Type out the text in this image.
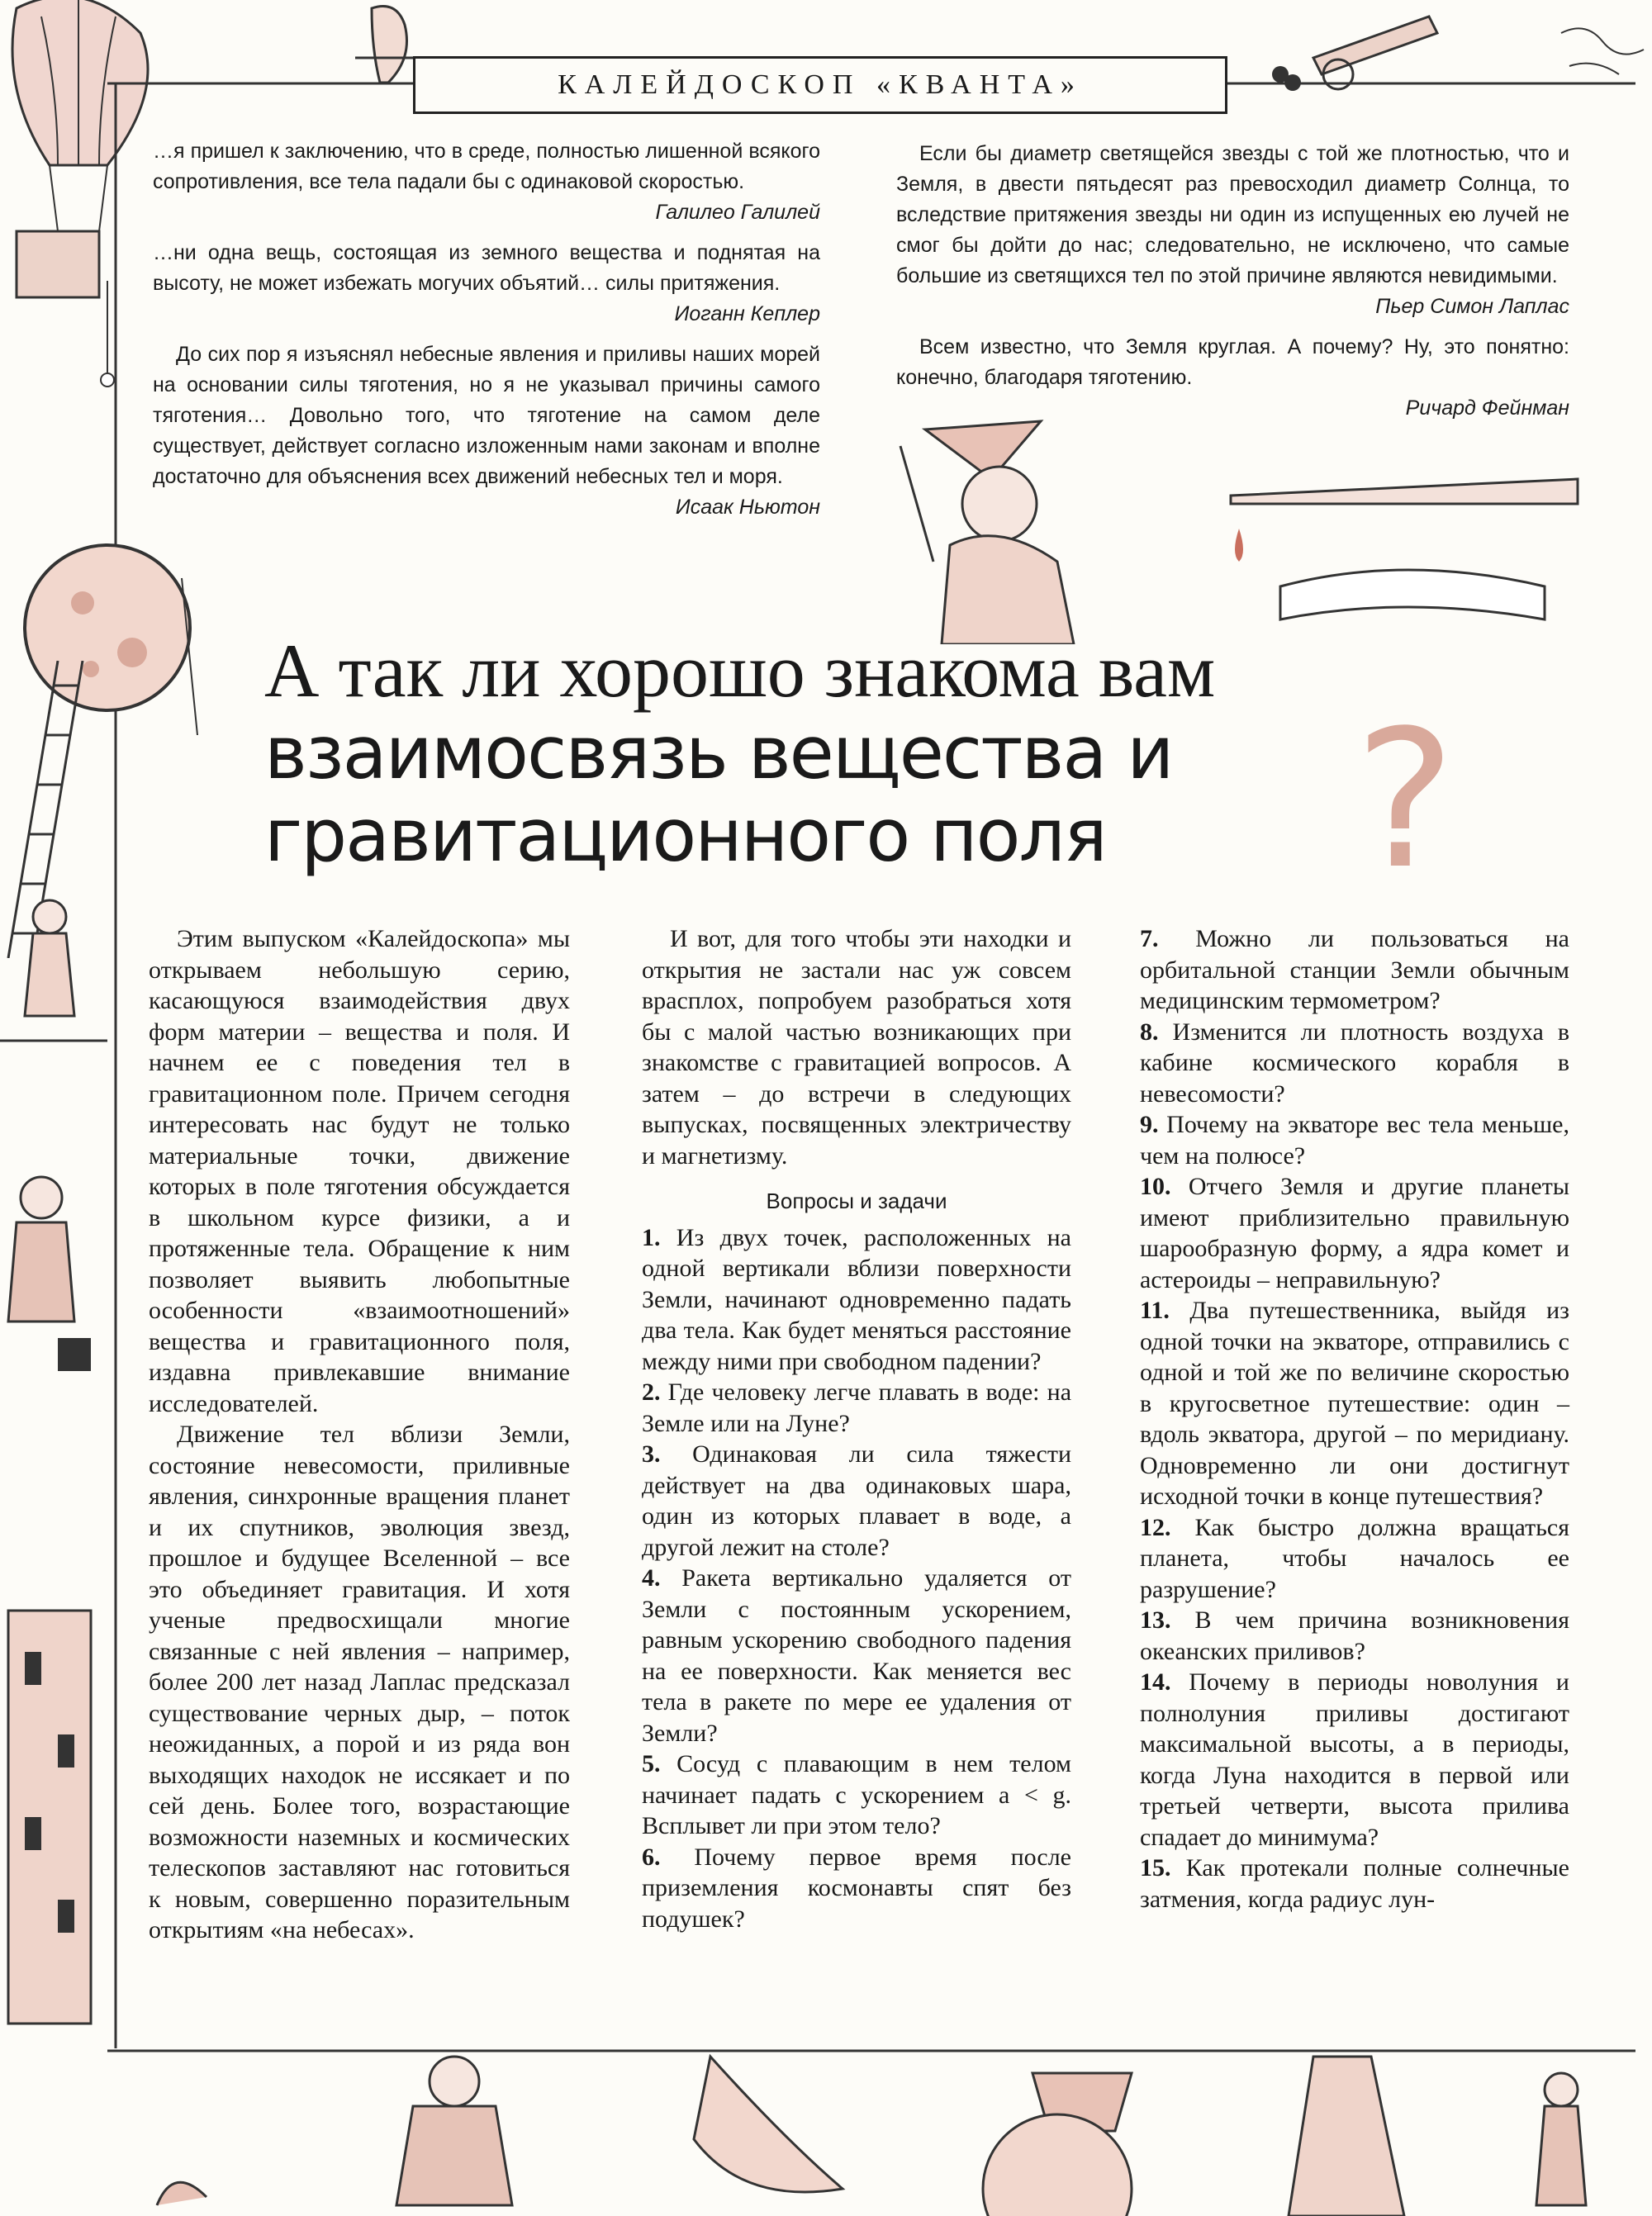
КАЛЕЙДОСКОП «КВАНТА»
…я пришел к заключению, что в среде, полностью лишенной всякого сопротивления, все тела падали бы с одинаковой скоростью.
Галилео Галилей
…ни одна вещь, состоящая из земного вещества и поднятая на высоту, не может избежать могучих объятий… силы притяжения.
Иоганн Кеплер
До сих пор я изъяснял небесные явления и приливы наших морей на основании силы тяготения, но я не указывал причины самого тяготения… Довольно того, что тяготение на самом деле существует, действует согласно изложенным нами законам и вполне достаточно для объяснения всех движений небесных тел и моря.
Исаак Ньютон
Если бы диаметр светящейся звезды с той же плотностью, что и Земля, в двести пятьдесят раз превосходил диаметр Солнца, то вследствие притяжения звезды ни один из испущенных ею лучей не смог бы дойти до нас; следовательно, не исключено, что самые большие из светящихся тел по этой причине являются невидимыми.
Пьер Симон Лаплас
Всем известно, что Земля круглая. А почему? Ну, это понятно: конечно, благодаря тяготению.
Ричард Фейнман
А так ли хорошо знакома вам
взаимосвязь вещества и
гравитационного поля	?

Этим выпуском «Калейдоскопа» мы открываем небольшую серию, касающуюся взаимодействия двух форм материи – вещества и поля. И начнем ее с поведения тел в гравитационном поле. Причем сегодня интересовать нас будут не только материальные точки, движение которых в поле тяготения обсуждается в школьном курсе физики, а и протяженные тела. Обращение к ним позволяет выявить любопытные особенности «взаимоотношений» вещества и гравитационного поля, издавна привлекавшие внимание исследователей.

Движение тел вблизи Земли, состояние невесомости, приливные явления, синхронные вращения планет и их спутников, эволюция звезд, прошлое и будущее Вселенной – все это объединяет гравитация. И хотя ученые предвосхищали многие связанные с ней явления – например, более 200 лет назад Лаплас предсказал существование черных дыр, – поток неожиданных, а порой и из ряда вон выходящих находок не иссякает и по сей день. Более того, возрастающие возможности наземных и космических телескопов заставляют нас готовиться к новым, совершенно поразительным открытиям «на небесах».

И вот, для того чтобы эти находки и открытия не застали нас уж совсем врасплох, попробуем разобраться хотя бы с малой частью возникающих при знакомстве с гравитацией вопросов. А затем – до встречи в следующих выпусках, посвященных электричеству и магнетизму.

Вопросы и задачи

1. Из двух точек, расположенных на одной вертикали вблизи поверхности Земли, начинают одновременно падать два тела. Как будет меняться расстояние между ними при свободном падении?

2. Где человеку легче плавать в воде: на Земле или на Луне?

3. Одинаковая ли сила тяжести действует на два одинаковых шара, один из которых плавает в воде, а другой лежит на столе?

4. Ракета вертикально удаляется от Земли с постоянным ускорением, равным ускорению свободного падения на ее поверхности. Как меняется вес тела в ракете по мере ее удаления от Земли?

5. Сосуд с плавающим в нем телом начинает падать с ускорением a < g. Всплывет ли при этом тело?

6. Почему первое время после приземления космонавты спят без подушек?

7. Можно ли пользоваться на орбитальной станции Земли обычным медицинским термометром?

8. Изменится ли плотность воздуха в кабине космического корабля в невесомости?

9. Почему на экваторе вес тела меньше, чем на полюсе?

10. Отчего Земля и другие планеты имеют приблизительно правильную шарообразную форму, а ядра комет и астероиды – неправильную?

11. Два путешественника, выйдя из одной точки на экваторе, отправились с одной и той же по величине скоростью в кругосветное путешествие: один – вдоль экватора, другой – по меридиану. Одновременно ли они достигнут исходной точки в конце путешествия?

12. Как быстро должна вращаться планета, чтобы началось ее разрушение?

13. В чем причина возникновения океанских приливов?

14. Почему в периоды новолуния и полнолуния приливы достигают максимальной высоты, а в периоды, когда Луна находится в первой или третьей четверти, высота прилива спадает до минимума?

15. Как протекали полные солнечные затмения, когда радиус лун-
